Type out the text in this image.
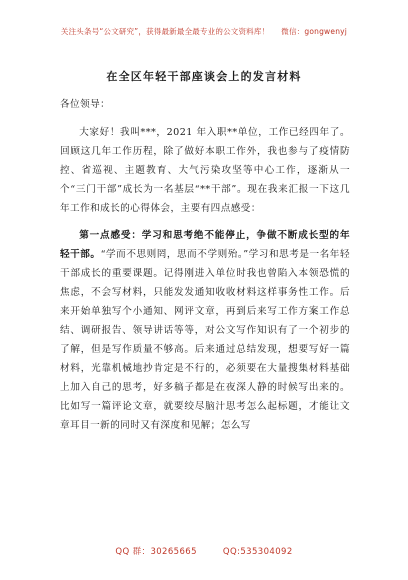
关注头条号“公文研究”，获得最新最全最专业的公文资料库！ 微信：gongwenyj
在全区年轻干部座谈会上的发言材料

各位领导：

大家好！我叫***，2021 年入职**单位，工作已经四年了。回顾这几年工作历程，除了做好本职工作外，我也参与了疫情防控、省巡视、主题教育、大气污染攻坚等中心工作，逐渐从一个“三门干部”成长为一名基层“**干部”。现在我来汇报一下这几年工作和成长的心得体会，主要有四点感受：

第一点感受：学习和思考绝不能停止，争做不断成长型的年轻干部。“学而不思则罔，思而不学则殆。”学习和思考是一名年轻干部成长的重要课题。记得刚进入单位时我也曾陷入本领恐慌的焦虑，不会写材料，只能发发通知收收材料这样事务性工作。后来开始单独写个小通知、网评文章，再到后来写工作方案工作总结、调研报告、领导讲话等等，对公文写作知识有了一个初步的了解，但是写作质量不够高。后来通过总结发现，想要写好一篇材料，光靠机械地抄肯定是不行的，必须要在大量搜集材料基础上加入自己的思考，好多稿子都是在夜深人静的时候写出来的。比如写一篇评论文章，就要绞尽脑汁思考怎么起标题，才能让文章耳目一新的同时又有深度和见解；怎么写

QQ 群：30265665	QQ:535304092
